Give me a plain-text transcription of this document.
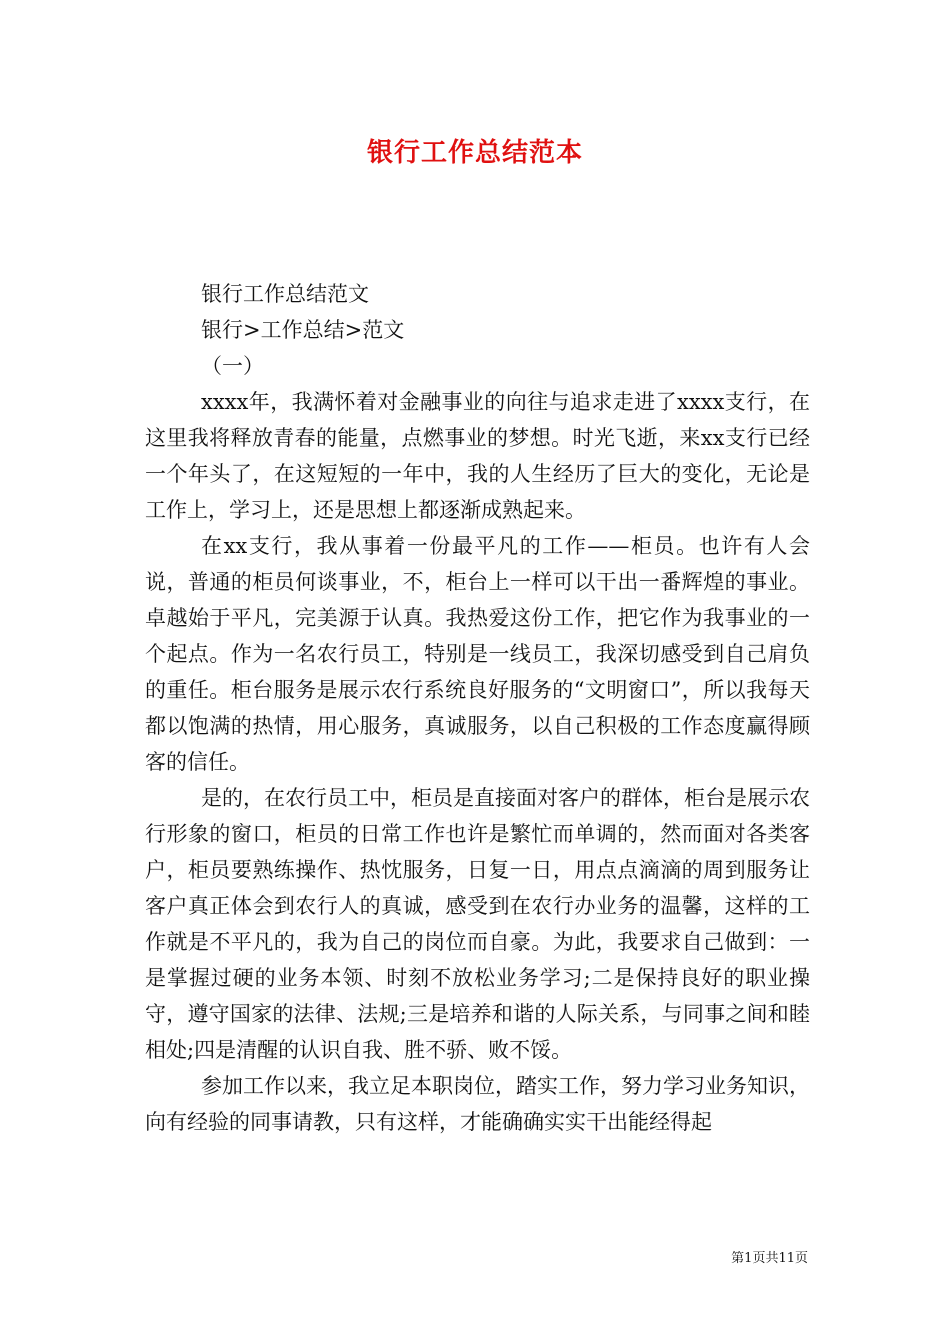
银行工作总结范本

银行工作总结范文

银行>工作总结>范文

（一）

xxxx年，我满怀着对金融事业的向往与追求走进了xxxx支行，在这里我将释放青春的能量，点燃事业的梦想。时光飞逝，来xx支行已经一个年头了，在这短短的一年中，我的人生经历了巨大的变化，无论是工作上，学习上，还是思想上都逐渐成熟起来。

在xx支行，我从事着一份最平凡的工作——柜员。也许有人会说，普通的柜员何谈事业，不，柜台上一样可以干出一番辉煌的事业。卓越始于平凡，完美源于认真。我热爱这份工作，把它作为我事业的一个起点。作为一名农行员工，特别是一线员工，我深切感受到自己肩负的重任。柜台服务是展示农行系统良好服务的“文明窗口”，所以我每天都以饱满的热情，用心服务，真诚服务，以自己积极的工作态度赢得顾客的信任。

是的，在农行员工中，柜员是直接面对客户的群体，柜台是展示农行形象的窗口，柜员的日常工作也许是繁忙而单调的，然而面对各类客户，柜员要熟练操作、热忱服务，日复一日，用点点滴滴的周到服务让客户真正体会到农行人的真诚，感受到在农行办业务的温馨，这样的工作就是不平凡的，我为自己的岗位而自豪。为此，我要求自己做到：一是掌握过硬的业务本领、时刻不放松业务学习;二是保持良好的职业操守，遵守国家的法律、法规;三是培养和谐的人际关系，与同事之间和睦相处;四是清醒的认识自我、胜不骄、败不馁。

参加工作以来，我立足本职岗位，踏实工作，努力学习业务知识，向有经验的同事请教，只有这样，才能确确实实干出能经得起

第1页共11页
